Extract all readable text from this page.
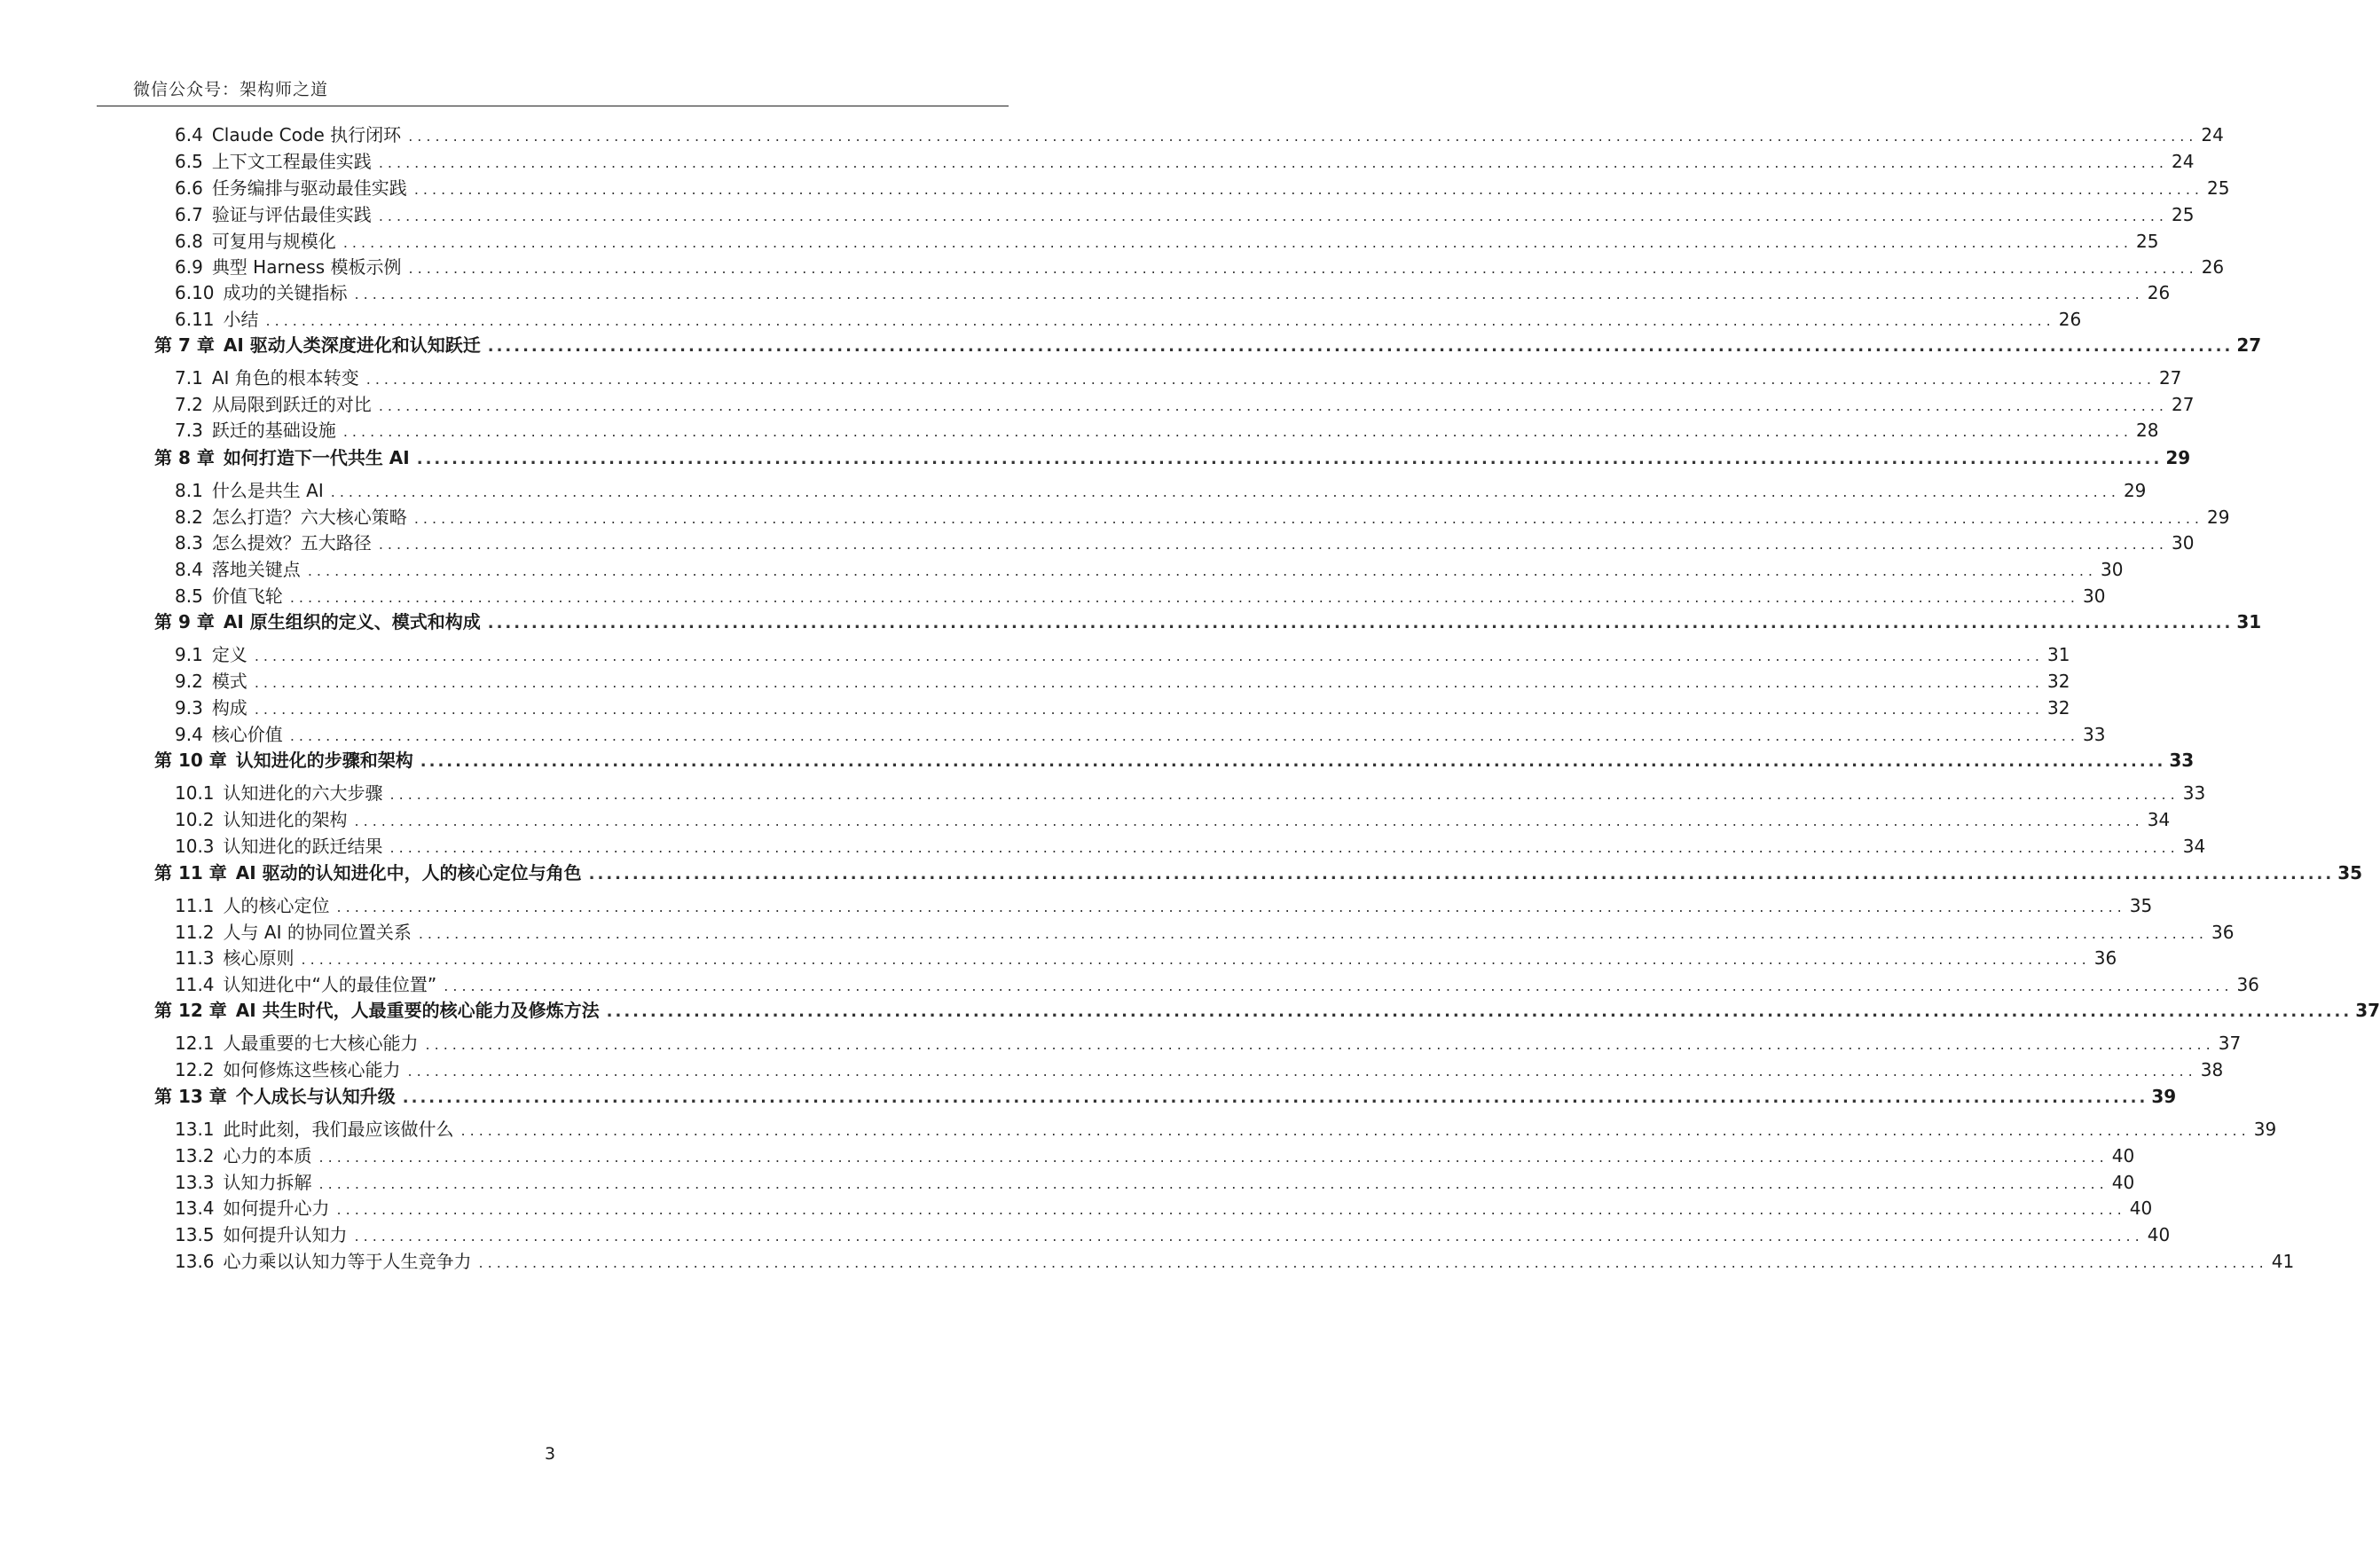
微信公众号：架构师之道
6.4 Claude Code 执行闭环 ........................................................................................................................................................................................................ 24
6.5 上下文工程最佳实践 ........................................................................................................................................................................................................ 24
6.6 任务编排与驱动最佳实践 ........................................................................................................................................................................................................ 25
6.7 验证与评估最佳实践 ........................................................................................................................................................................................................ 25
6.8 可复用与规模化 ........................................................................................................................................................................................................ 25
6.9 典型 Harness 模板示例 ........................................................................................................................................................................................................ 26
6.10 成功的关键指标 ........................................................................................................................................................................................................ 26
6.11 小结 ........................................................................................................................................................................................................ 26
第 7 章 AI 驱动人类深度进化和认知跃迁 ........................................................................................................................................................................................................ 27
7.1 AI 角色的根本转变 ........................................................................................................................................................................................................ 27
7.2 从局限到跃迁的对比 ........................................................................................................................................................................................................ 27
7.3 跃迁的基础设施 ........................................................................................................................................................................................................ 28
第 8 章 如何打造下一代共生 AI ........................................................................................................................................................................................................ 29
8.1 什么是共生 AI ........................................................................................................................................................................................................ 29
8.2 怎么打造？六大核心策略 ........................................................................................................................................................................................................ 29
8.3 怎么提效？五大路径 ........................................................................................................................................................................................................ 30
8.4 落地关键点 ........................................................................................................................................................................................................ 30
8.5 价值飞轮 ........................................................................................................................................................................................................ 30
第 9 章 AI 原生组织的定义、模式和构成 ........................................................................................................................................................................................................ 31
9.1 定义 ........................................................................................................................................................................................................ 31
9.2 模式 ........................................................................................................................................................................................................ 32
9.3 构成 ........................................................................................................................................................................................................ 32
9.4 核心价值 ........................................................................................................................................................................................................ 33
第 10 章 认知进化的步骤和架构 ........................................................................................................................................................................................................ 33
10.1 认知进化的六大步骤 ........................................................................................................................................................................................................ 33
10.2 认知进化的架构 ........................................................................................................................................................................................................ 34
10.3 认知进化的跃迁结果 ........................................................................................................................................................................................................ 34
第 11 章 AI 驱动的认知进化中，人的核心定位与角色 ........................................................................................................................................................................................................ 35
11.1 人的核心定位 ........................................................................................................................................................................................................ 35
11.2 人与 AI 的协同位置关系 ........................................................................................................................................................................................................ 36
11.3 核心原则 ........................................................................................................................................................................................................ 36
11.4 认知进化中“人的最佳位置” ........................................................................................................................................................................................................ 36
第 12 章 AI 共生时代，人最重要的核心能力及修炼方法 ........................................................................................................................................................................................................ 37
12.1 人最重要的七大核心能力 ........................................................................................................................................................................................................ 37
12.2 如何修炼这些核心能力 ........................................................................................................................................................................................................ 38
第 13 章 个人成长与认知升级 ........................................................................................................................................................................................................ 39
13.1 此时此刻，我们最应该做什么 ........................................................................................................................................................................................................ 39
13.2 心力的本质 ........................................................................................................................................................................................................ 40
13.3 认知力拆解 ........................................................................................................................................................................................................ 40
13.4 如何提升心力 ........................................................................................................................................................................................................ 40
13.5 如何提升认知力 ........................................................................................................................................................................................................ 40
13.6 心力乘以认知力等于人生竞争力 ........................................................................................................................................................................................................ 41
3
